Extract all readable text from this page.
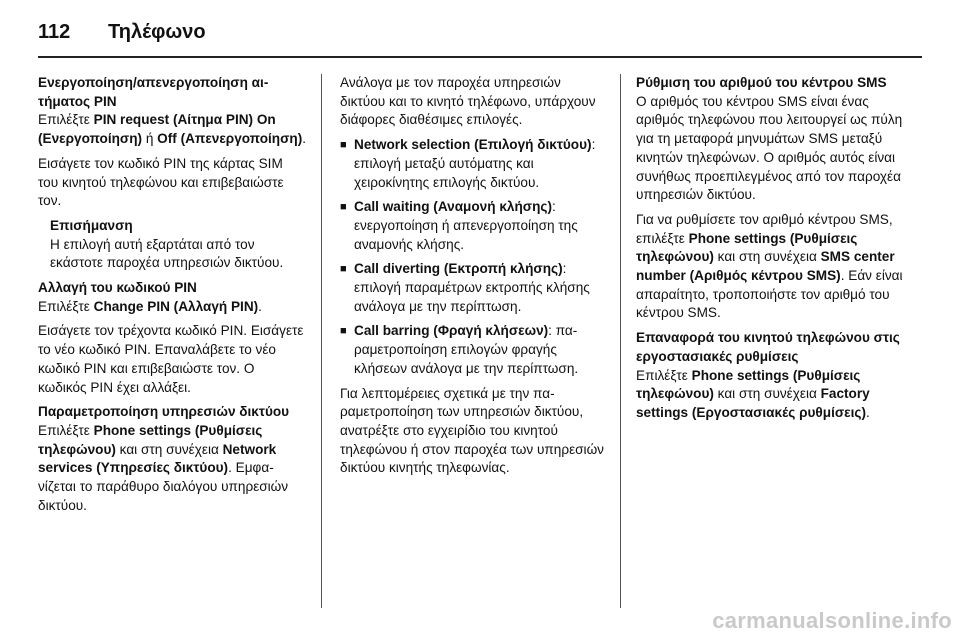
112	Τηλέφωνο
Ενεργοποίηση/απενεργοποίηση αιτήματος PIN
Επιλέξτε PIN request (Αίτημα PIN) On (Ενεργοποίηση) ή Off (Απενεργοποίηση).

Εισάγετε τον κωδικό PIN της κάρτας SIM του κινητού τηλεφώνου και επιβεβαιώστε τον.

Επισήμανση
Η επιλογή αυτή εξαρτάται από τον εκάστοτε παροχέα υπηρεσιών δικτύου.
Αλλαγή του κωδικού PIN
Επιλέξτε Change PIN (Αλλαγή PIN).

Εισάγετε τον τρέχοντα κωδικό PIN. Εισάγετε το νέο κωδικό PIN. Επαναλάβετε το νέο κωδικό PIN και επιβεβαιώστε τον. Ο κωδικός PIN έχει αλλάξει.

Παραμετροποίηση υπηρεσιών δικτύου
Επιλέξτε Phone settings (Ρυθμίσεις τηλεφώνου) και στη συνέχεια Network services (Υπηρεσίες δικτύου). Εμφανίζεται το παράθυρο διαλόγου υπηρεσιών δικτύου.

Ανάλογα με τον παροχέα υπηρεσιών δικτύου και το κινητό τηλέφωνο, υπάρχουν διάφορες διαθέσιμες επιλογές.

■ Network selection (Επιλογή δικτύου): επιλογή μεταξύ αυτόματης και χειροκίνητης επιλογής δικτύου.
■ Call waiting (Αναμονή κλήσης): ενεργοποίηση ή απενεργοποίηση της αναμονής κλήσης.
■ Call diverting (Εκτροπή κλήσης): επιλογή παραμέτρων εκτροπής κλήσης ανάλογα με την περίπτωση.
■ Call barring (Φραγή κλήσεων): παραμετροποίηση επιλογών φραγής κλήσεων ανάλογα με την περίπτωση.

Για λεπτομέρειες σχετικά με την παραμετροποίηση των υπηρεσιών δικτύου, ανατρέξτε στο εγχειρίδιο του κινητού τηλεφώνου ή στον παροχέα των υπηρεσιών δικτύου κινητής τηλεφωνίας.

Ρύθμιση του αριθμού του κέντρου SMS
Ο αριθμός του κέντρου SMS είναι ένας αριθμός τηλεφώνου που λειτουργεί ως πύλη για τη μεταφορά μηνυμάτων SMS μεταξύ κινητών τηλεφώνων. Ο αριθμός αυτός είναι συνήθως προεπιλεγμένος από τον παροχέα υπηρεσιών δικτύου.

Για να ρυθμίσετε τον αριθμό κέντρου SMS, επιλέξτε Phone settings (Ρυθμίσεις τηλεφώνου) και στη συνέχεια SMS center number (Αριθμός κέντρου SMS). Εάν είναι απαραίτητο, τροποποιήστε τον αριθμό του κέντρου SMS.

Επαναφορά του κινητού τηλεφώνου στις εργοστασιακές ρυθμίσεις
Επιλέξτε Phone settings (Ρυθμίσεις τηλεφώνου) και στη συνέχεια Factory settings (Εργοστασιακές ρυθμίσεις).
carmanualsonline.info
